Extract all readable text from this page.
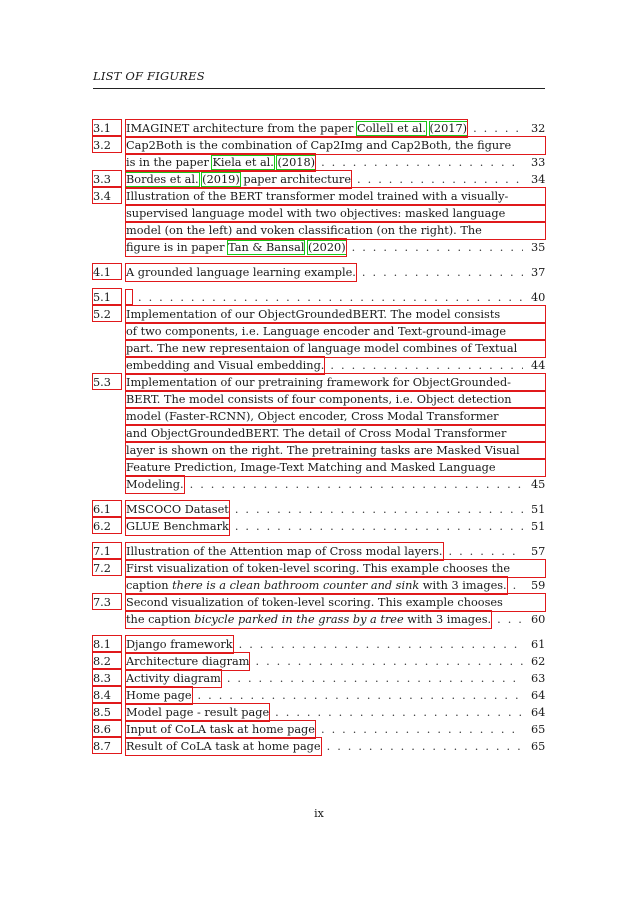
LIST OF FIGURES
3.1	IMAGINET architecture from the paper Collell et al. (2017) . . .	32
3.2	Cap2Both is the combination of Cap2Img and Cap2Both, the figure
is in the paper Kiela et al. (2018) . . .	33
3.3	Bordes et al. (2019) paper architecture . . .	34
3.4	Illustration of the BERT transformer model trained with a visually-
supervised language model with two objectives: masked language
model (on the left) and voken classification (on the right). The
figure is in paper Tan & Bansal (2020) . . .	35
4.1	A grounded language learning example. . . .	37
5.1 . . .	40
5.2	Implementation of our ObjectGroundedBERT. The model consists
of two components, i.e. Language encoder and Text-ground-image
part. The new representaion of language model combines of Textual
embedding and Visual embedding. . . .	44
5.3	Implementation of our pretraining framework for ObjectGrounded-
BERT. The model consists of four components, i.e. Object detection
model (Faster-RCNN), Object encoder, Cross Modal Transformer
and ObjectGroundedBERT. The detail of Cross Modal Transformer
layer is shown on the right. The pretraining tasks are Masked Visual
Feature Prediction, Image-Text Matching and Masked Language
Modeling. . . .	45
6.1	MSCOCO Dataset . . .	51
6.2	GLUE Benchmark . . .	51
7.1	Illustration of the Attention map of Cross modal layers. . . .	57
7.2	First visualization of token-level scoring. This example chooses the
caption there is a clean bathroom counter and sink with 3 images. . . . 59
7.3	Second visualization of token-level scoring. This example chooses
the caption bicycle parked in the grass by a tree with 3 images. . . .	60
8.1	Django framework . . .	61
8.2	Architecture diagram . . .	62
8.3	Activity diagram . . .	63
8.4	Home page . . .	64
8.5	Model page - result page . . .	64
8.6	Input of CoLA task at home page . . .	65
8.7	Result of CoLA task at home page . . .	65
ix
